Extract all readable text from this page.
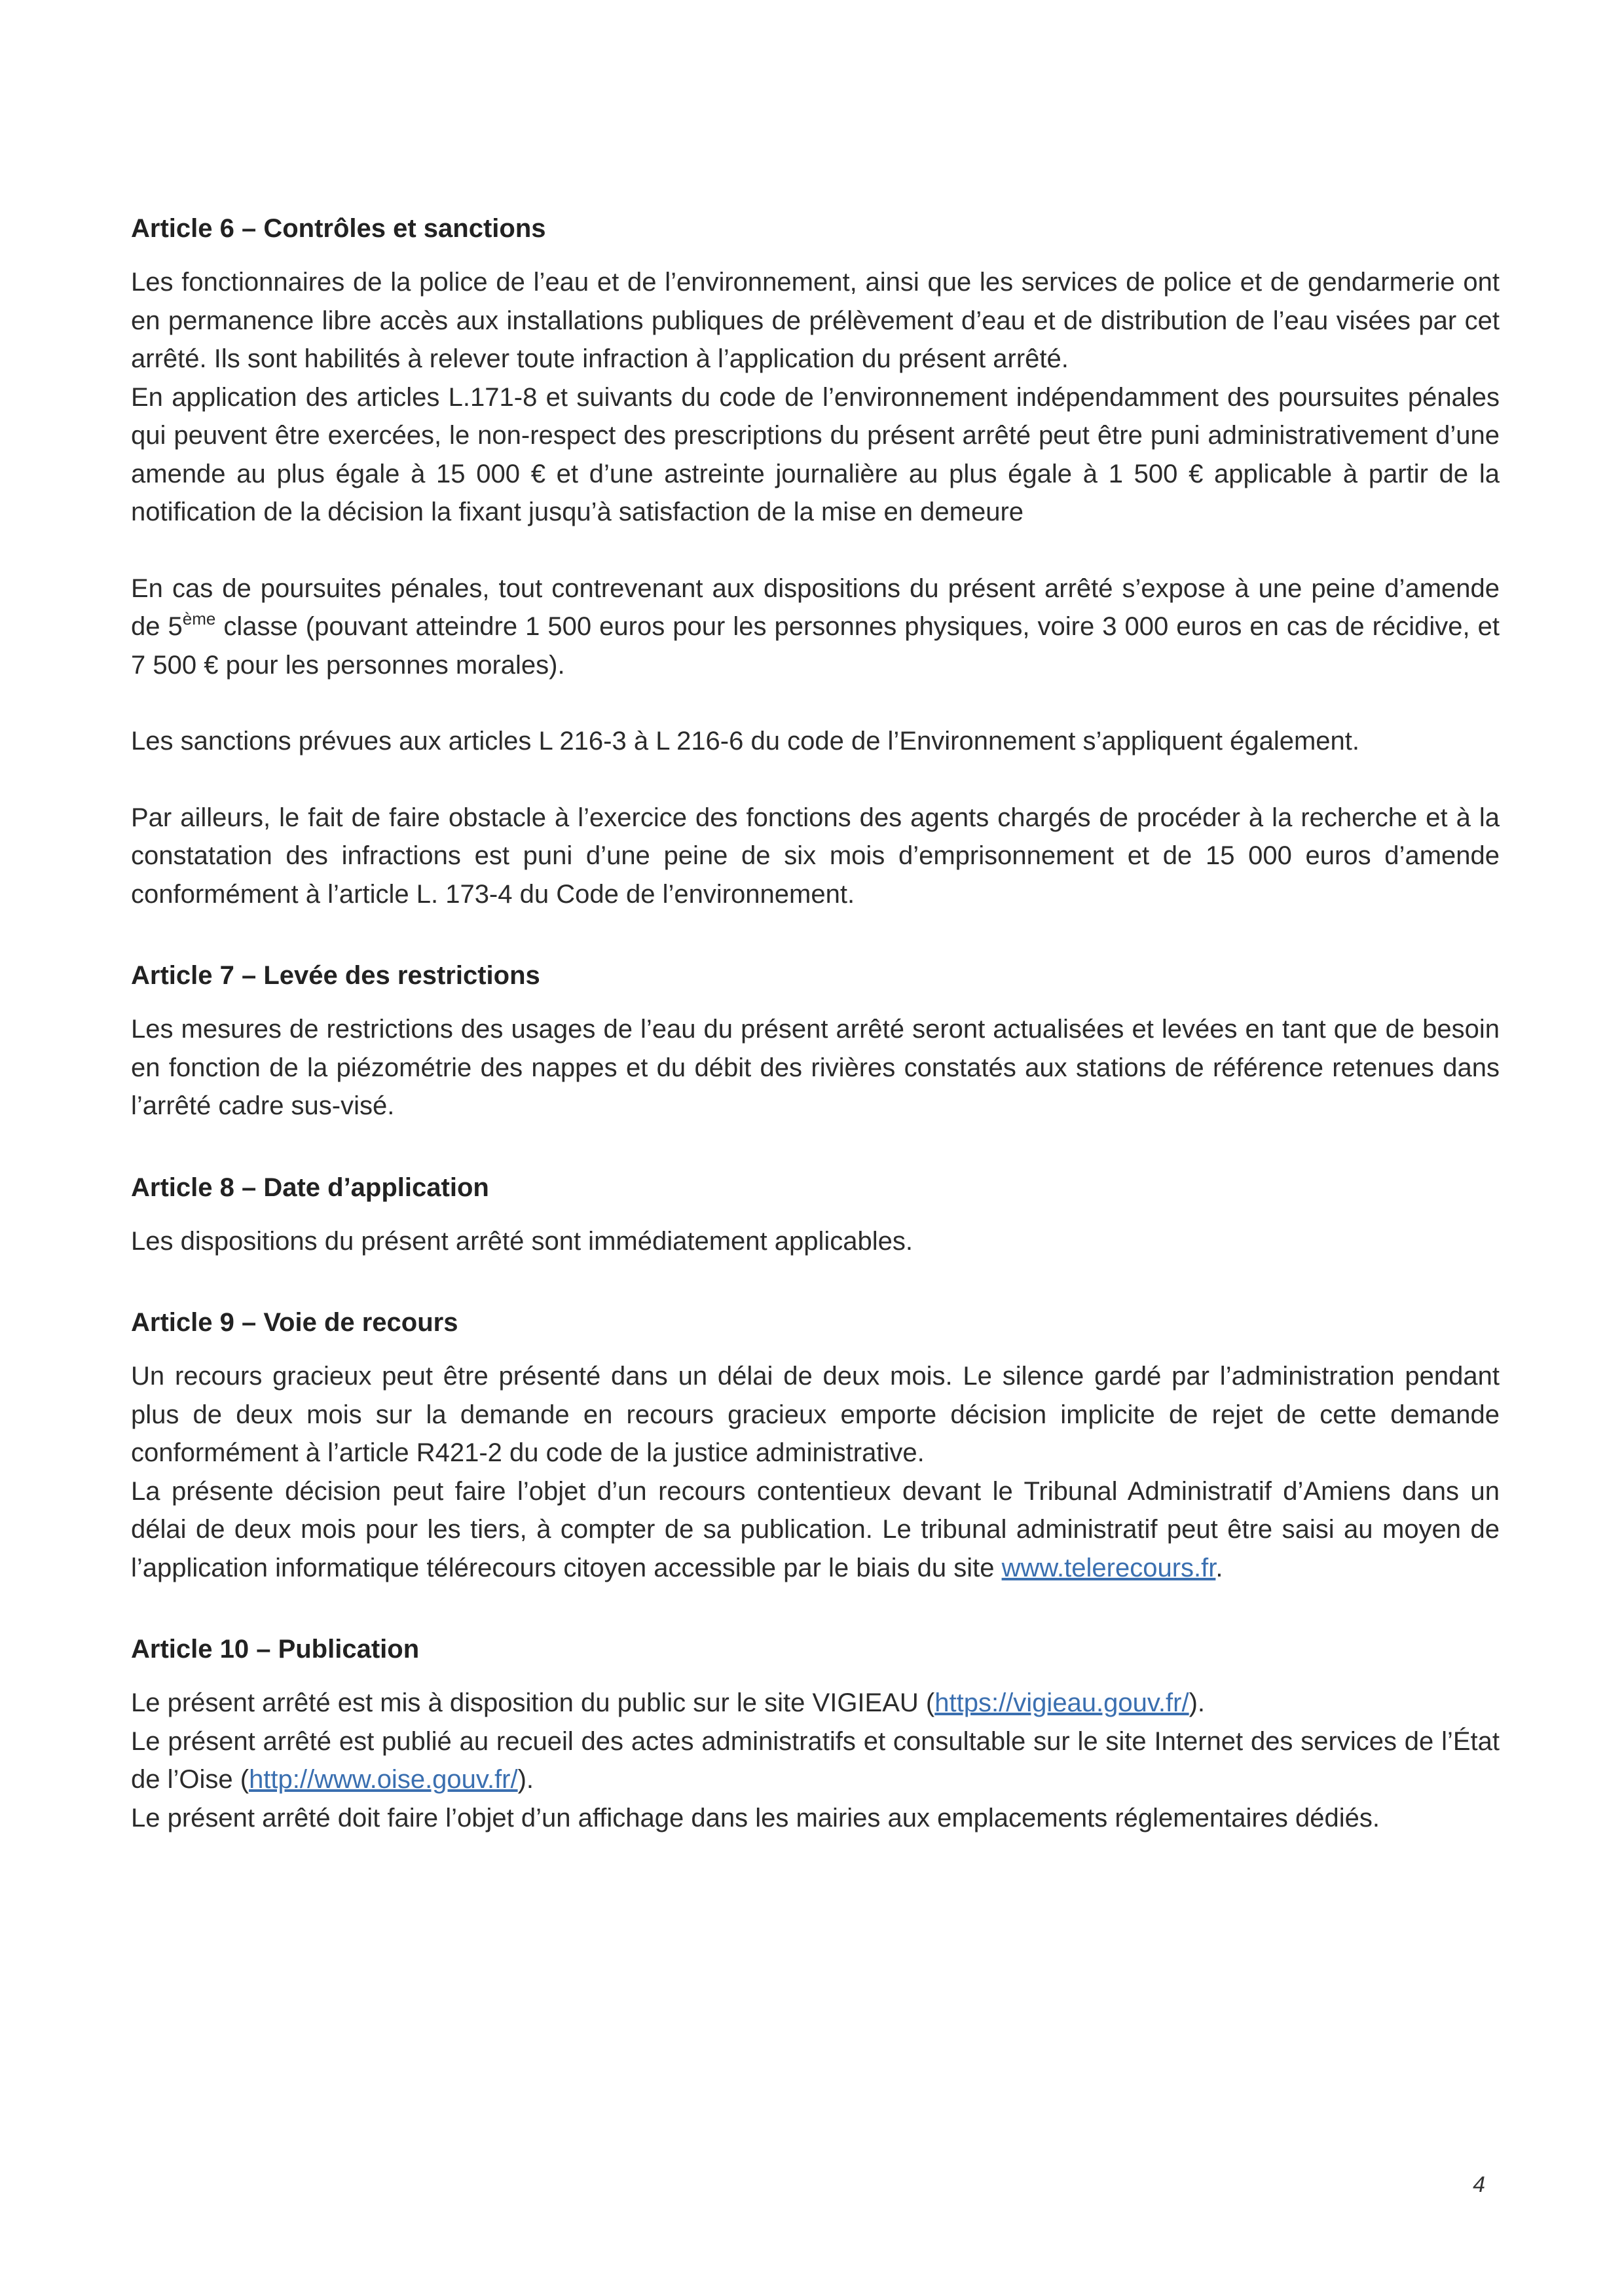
Article 6 – Contrôles et sanctions

Les fonctionnaires de la police de l’eau et de l’environnement, ainsi que les services de police et de gendarmerie ont en permanence libre accès aux installations publiques de prélèvement d’eau et de distribution de l’eau visées par cet arrêté. Ils sont habilités à relever toute infraction à l’application du présent arrêté.

En application des articles L.171-8 et suivants du code de l’environnement indépendamment des poursuites pénales qui peuvent être exercées, le non-respect des prescriptions du présent arrêté peut être puni administrativement d’une amende au plus égale à 15 000 € et d’une astreinte journalière au plus égale à 1 500 € applicable à partir de la notification de la décision la fixant jusqu’à satisfaction de la mise en demeure

En cas de poursuites pénales, tout contrevenant aux dispositions du présent arrêté s’expose à une peine d’amende de 5ème classe (pouvant atteindre 1 500 euros pour les personnes physiques, voire 3 000 euros en cas de récidive, et 7 500 € pour les personnes morales).

Les sanctions prévues aux articles L 216-3 à L 216-6 du code de l’Environnement s’appliquent également.

Par ailleurs, le fait de faire obstacle à l’exercice des fonctions des agents chargés de procéder à la recherche et à la constatation des infractions est puni d’une peine de six mois d’emprisonnement et de 15 000 euros d’amende conformément à l’article L. 173-4 du Code de l’environnement.

Article 7 – Levée des restrictions

Les mesures de restrictions des usages de l’eau du présent arrêté seront actualisées et levées en tant que de besoin en fonction de la piézométrie des nappes et du débit des rivières constatés aux stations de référence retenues dans l’arrêté cadre sus-visé.

Article 8 – Date d’application

Les dispositions du présent arrêté sont immédiatement applicables.

Article 9 – Voie de recours

Un recours gracieux peut être présenté dans un délai de deux mois. Le silence gardé par l’administration pendant plus de deux mois sur la demande en recours gracieux emporte décision implicite de rejet de cette demande conformément à l’article R421-2 du code de la justice administrative.

La présente décision peut faire l’objet d’un recours contentieux devant le Tribunal Administratif d’Amiens dans un délai de deux mois pour les tiers, à compter de sa publication. Le tribunal administratif peut être saisi au moyen de l’application informatique télérecours citoyen accessible par le biais du site www.telerecours.fr.

Article 10 – Publication

Le présent arrêté est mis à disposition du public sur le site VIGIEAU (https://vigieau.gouv.fr/).

Le présent arrêté est publié au recueil des actes administratifs et consultable sur le site Internet des services de l’État de l’Oise (http://www.oise.gouv.fr/).

Le présent arrêté doit faire l’objet d’un affichage dans les mairies aux emplacements réglementaires dédiés.

4
